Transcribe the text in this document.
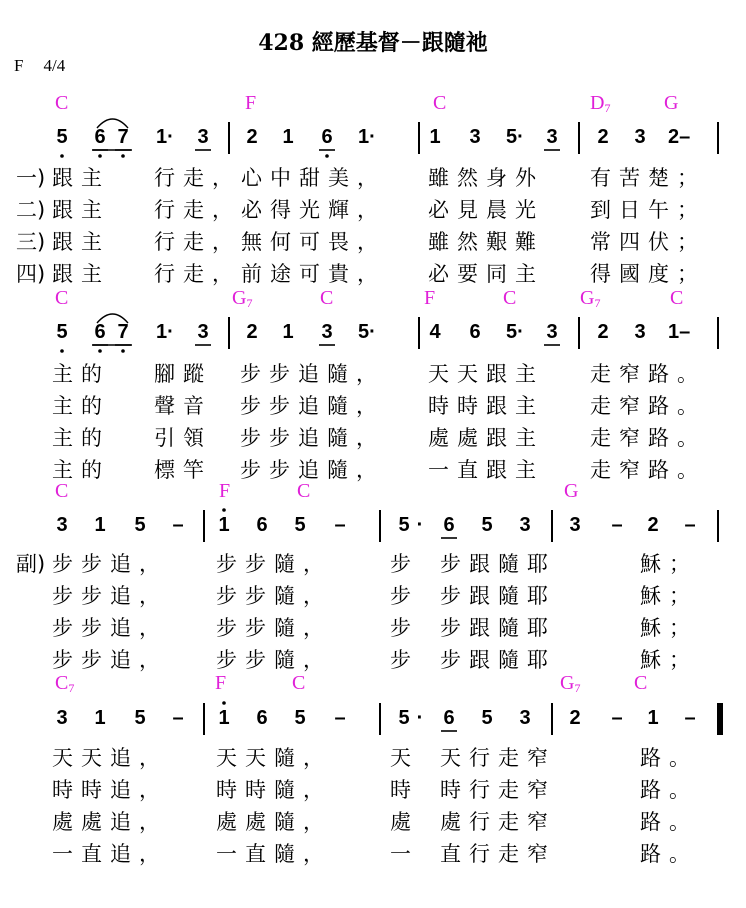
428 經歷基督－跟隨祂
F 4/4
C	F	C	$D_7$	G
5 6 7 1· 3 2 1 6 1·	1 3 5· 3 2 3 2–
一) 跟主 行走，心中甜美， 雖然身外 有苦楚；
二) 跟主 行走，必得光輝， 必見晨光 到日午；
三) 跟主 行走，無何可畏， 雖然艱難 常四伏；
四) 跟主 行走，前途可貴， 必要同主 得國度；
C	$G_7$	C	F	C	$G_7$	C
5 6 7 1· 3 2 1 3 5·	4 6 5· 3 2 3 1–
主的 腳蹤 步步追隨， 天天跟主 走窄路。
主的 聲音 步步追隨， 時時跟主 走窄路。
主的 引領 步步追隨， 處處跟主 走窄路。
主的 標竿 步步追隨， 一直跟主 走窄路。
C	F	C	G
3 1 5 – 1 6 5 –	5 · 6 5 3 3 – 2 –
副) 步步追， 步步隨，	步 步跟隨耶	穌；
步步追， 步步隨，	步 步跟隨耶	穌；
步步追， 步步隨，	步 步跟隨耶	穌；
步步追， 步步隨，	步 步跟隨耶	穌；
$C_7$	F	C	$G_7$	C
3 1 5 – 1 6 5 –	5 · 6 5 3 2 – 1 –
天天追， 天天隨，	天 天行走窄	路。
時時追， 時時隨，	時 時行走窄	路。
處處追， 處處隨，	處 處行走窄	路。
一直追， 一直隨，	一 直行走窄	路。
